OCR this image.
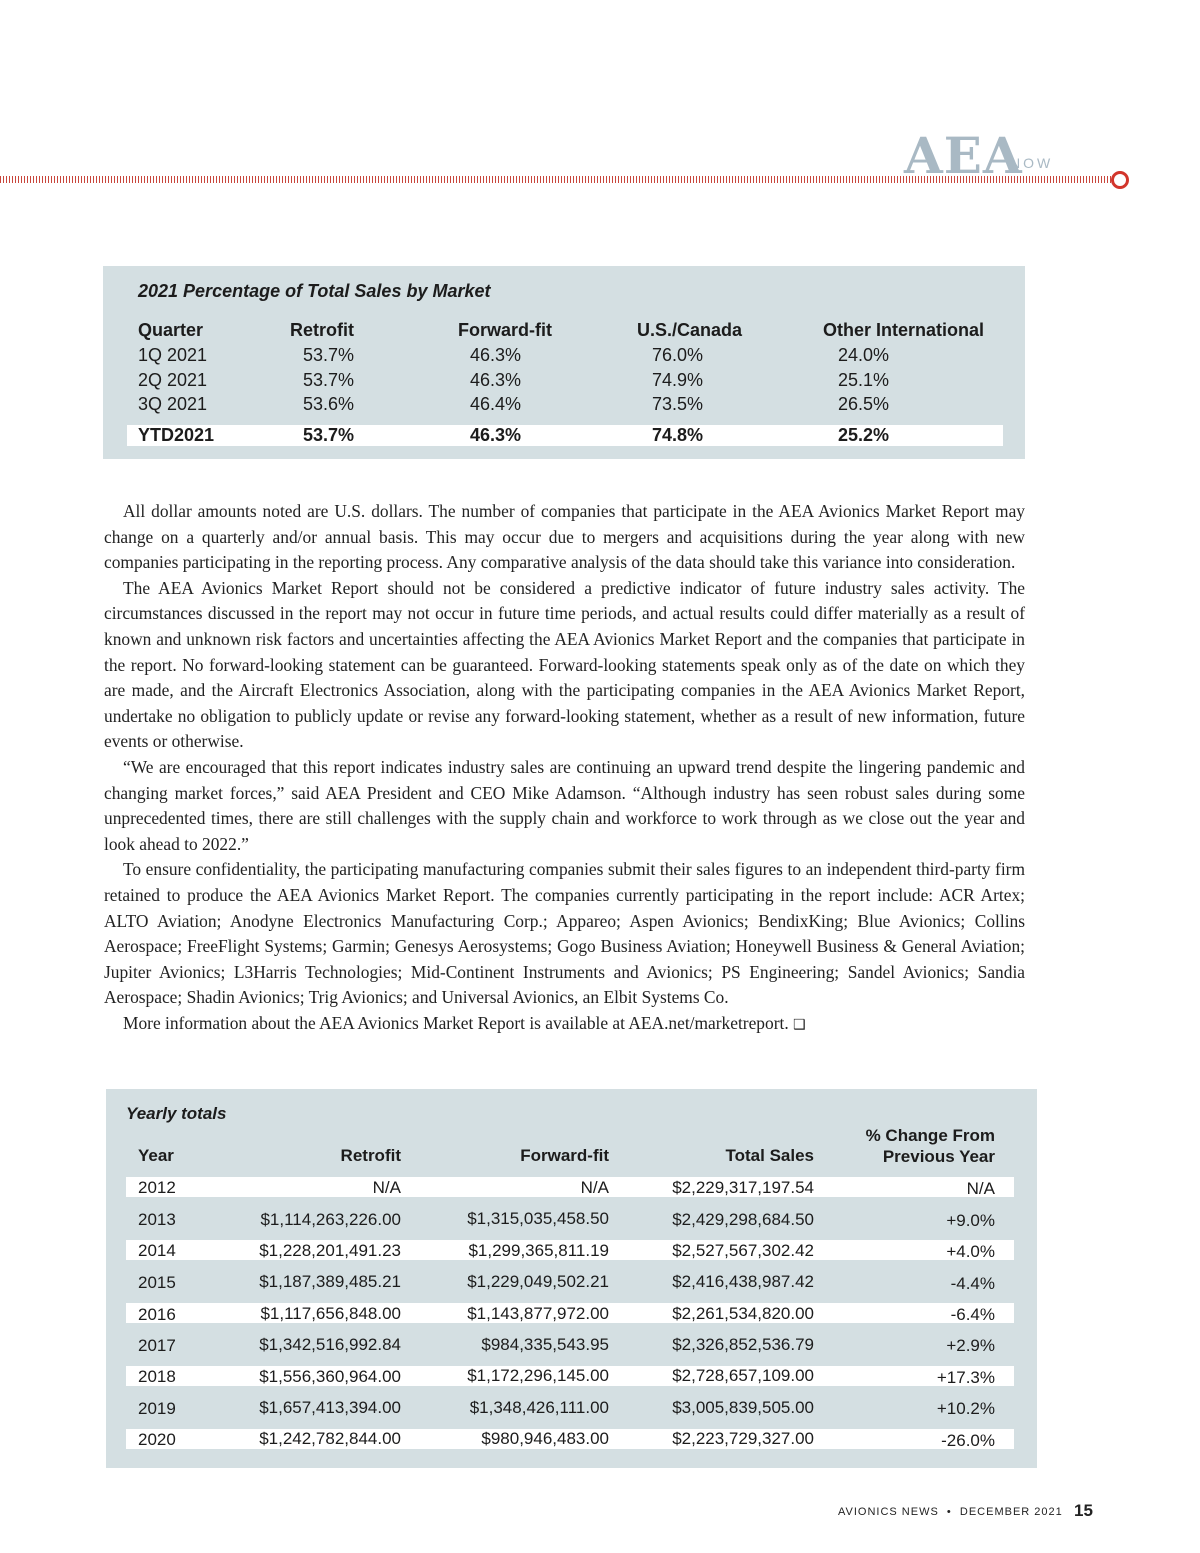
AEA
NOW
2021 Percentage of Total Sales by Market
Quarter	Retrofit	Forward-fit	U.S./Canada	Other International
1Q 2021	53.7%	46.3%	76.0%	24.0%
2Q 2021	53.7%	46.3%	74.9%	25.1%
3Q 2021	53.6%	46.4%	73.5%	26.5%
YTD2021	53.7%	46.3%	74.8%	25.2%

All dollar amounts noted are U.S. dollars. The number of companies that participate in the AEA Avionics Market Report may change on a quarterly and/or annual basis. This may occur due to mergers and acquisitions during the year along with new companies participating in the reporting process. Any comparative analysis of the data should take this variance into consideration.

The AEA Avionics Market Report should not be considered a predictive indicator of future industry sales activity. The circumstances discussed in the report may not occur in future time periods, and actual results could differ materially as a result of known and unknown risk factors and uncertainties affecting the AEA Avionics Market Report and the companies that participate in the report. No forward-looking statement can be guaranteed. Forward-looking statements speak only as of the date on which they are made, and the Aircraft Electronics Association, along with the participating companies in the AEA Avionics Market Report, undertake no obligation to publicly update or revise any forward-looking statement, whether as a result of new information, future events or otherwise.

“We are encouraged that this report indicates industry sales are continuing an upward trend despite the lingering pandemic and changing market forces,” said AEA President and CEO Mike Adamson. “Although industry has seen robust sales during some unprecedented times, there are still challenges with the supply chain and workforce to work through as we close out the year and look ahead to 2022.”

To ensure confidentiality, the participating manufacturing companies submit their sales figures to an independent third-party firm retained to produce the AEA Avionics Market Report. The companies currently participating in the report include: ACR Artex; ALTO Aviation; Anodyne Electronics Manufacturing Corp.; Appareo; Aspen Avionics; BendixKing; Blue Avionics; Collins Aerospace; FreeFlight Systems; Garmin; Genesys Aerosystems; Gogo Business Aviation; Honeywell Business & General Aviation; Jupiter Avionics; L3Harris Technologies; Mid-Continent Instruments and Avionics; PS Engineering; Sandel Avionics; Sandia Aerospace; Shadin Avionics; Trig Avionics; and Universal Avionics, an Elbit Systems Co.

More information about the AEA Avionics Market Report is available at AEA.net/marketreport. ❑

Yearly totals
Year	Retrofit	Forward-fit	Total Sales
% Change From
Previous Year
2012	N/A	N/A	$2,229,317,197.54	N/A
2013	$1,114,263,226.00	$1,315,035,458.50	$2,429,298,684.50	+9.0%
2014	$1,228,201,491.23	$1,299,365,811.19	$2,527,567,302.42	+4.0%
2015	$1,187,389,485.21	$1,229,049,502.21	$2,416,438,987.42	-4.4%
2016	$1,117,656,848.00	$1,143,877,972.00	$2,261,534,820.00	-6.4%
2017	$1,342,516,992.84	$984,335,543.95	$2,326,852,536.79	+2.9%
2018	$1,556,360,964.00	$1,172,296,145.00	$2,728,657,109.00	+17.3%
2019	$1,657,413,394.00	$1,348,426,111.00	$3,005,839,505.00	+10.2%
2020	$1,242,782,844.00	$980,946,483.00	$2,223,729,327.00	-26.0%
AVIONICS NEWS  •  DECEMBER 2021 15
